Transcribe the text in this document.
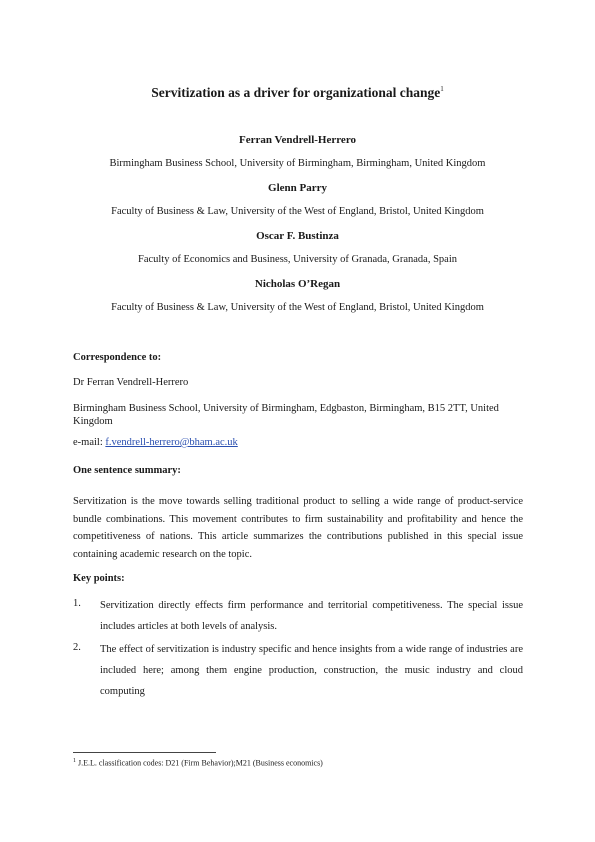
Servitization as a driver for organizational change$^1$
Ferran Vendrell-Herrero
Birmingham Business School, University of Birmingham, Birmingham, United Kingdom
Glenn Parry
Faculty of Business & Law, University of the West of England, Bristol, United Kingdom
Oscar F. Bustinza
Faculty of Economics and Business, University of Granada, Granada, Spain
Nicholas O’Regan
Faculty of Business & Law, University of the West of England, Bristol, United Kingdom
Correspondence to:
Dr Ferran Vendrell-Herrero
Birmingham Business School, University of Birmingham, Edgbaston, Birmingham, B15 2TT, United Kingdom
e-mail: f.vendrell-herrero@bham.ac.uk
One sentence summary:
Servitization is the move towards selling traditional product to selling a wide range of product-service bundle combinations. This movement contributes to firm sustainability and profitability and hence the competitiveness of nations. This article summarizes the contributions published in this special issue containing academic research on the topic.
Key points:
1. Servitization directly effects firm performance and territorial competitiveness. The special issue includes articles at both levels of analysis.
2. The effect of servitization is industry specific and hence insights from a wide range of industries are included here; among them engine production, construction, the music industry and cloud computing
$^1$ J.E.L. classification codes: D21 (Firm Behavior);M21 (Business economics)
